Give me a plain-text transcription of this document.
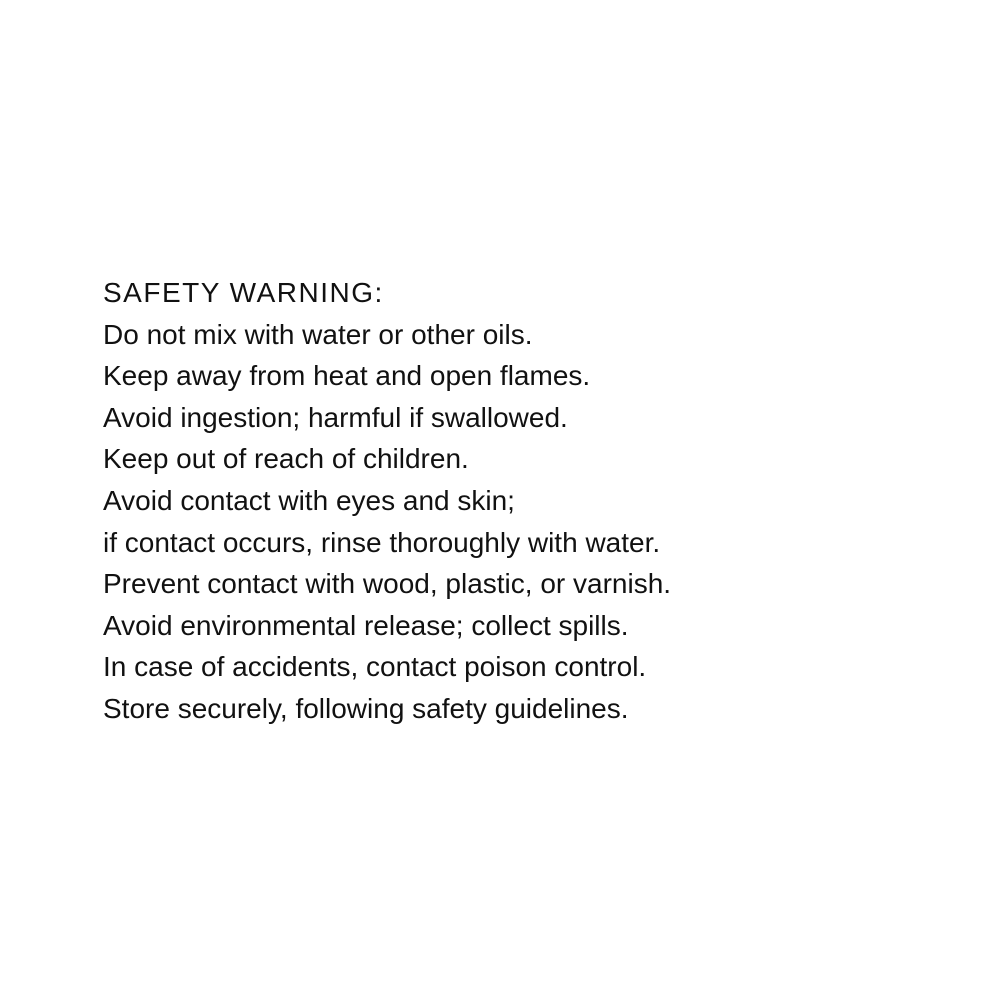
SAFETY WARNING:
Do not mix with water or other oils.
Keep away from heat and open flames.
Avoid ingestion; harmful if swallowed.
Keep out of reach of children.
Avoid contact with eyes and skin;
if contact occurs, rinse thoroughly with water.
Prevent contact with wood, plastic, or varnish.
Avoid environmental release; collect spills.
In case of accidents, contact poison control.
Store securely, following safety guidelines.
